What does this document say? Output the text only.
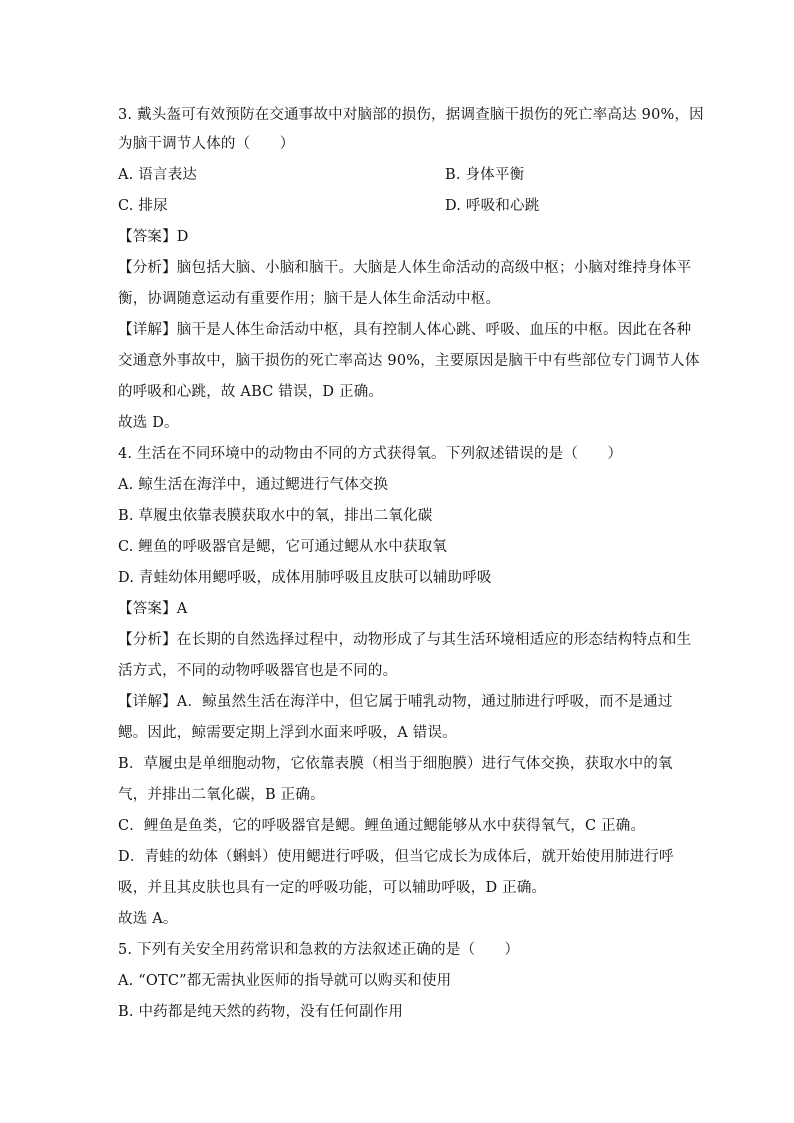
3. 戴头盔可有效预防在交通事故中对脑部的损伤，据调查脑干损伤的死亡率高达 90%，因
为脑干调节人体的（　　）
A. 语言表达	B. 身体平衡
C. 排尿	D. 呼吸和心跳
【答案】D
【分析】脑包括大脑、小脑和脑干。大脑是人体生命活动的高级中枢；小脑对维持身体平
衡，协调随意运动有重要作用；脑干是人体生命活动中枢。
【详解】脑干是人体生命活动中枢，具有控制人体心跳、呼吸、血压的中枢。因此在各种
交通意外事故中，脑干损伤的死亡率高达 90%，主要原因是脑干中有些部位专门调节人体
的呼吸和心跳，故 ABC 错误，D 正确。
故选 D。
4. 生活在不同环境中的动物由不同的方式获得氧。下列叙述错误的是（　　）
A. 鲸生活在海洋中，通过鳃进行气体交换
B. 草履虫依靠表膜获取水中的氧，排出二氧化碳
C. 鲤鱼的呼吸器官是鳃，它可通过鳃从水中获取氧
D. 青蛙幼体用鳃呼吸，成体用肺呼吸且皮肤可以辅助呼吸
【答案】A
【分析】在长期的自然选择过程中，动物形成了与其生活环境相适应的形态结构特点和生
活方式，不同的动物呼吸器官也是不同的。
【详解】A．鲸虽然生活在海洋中，但它属于哺乳动物，通过肺进行呼吸，而不是通过
鳃。因此，鲸需要定期上浮到水面来呼吸，A 错误。
B．草履虫是单细胞动物，它依靠表膜（相当于细胞膜）进行气体交换，获取水中的氧
气，并排出二氧化碳，B 正确。
C．鲤鱼是鱼类，它的呼吸器官是鳃。鲤鱼通过鳃能够从水中获得氧气，C 正确。
D．青蛙的幼体（蝌蚪）使用鳃进行呼吸，但当它成长为成体后，就开始使用肺进行呼
吸，并且其皮肤也具有一定的呼吸功能，可以辅助呼吸，D 正确。
故选 A。
5. 下列有关安全用药常识和急救的方法叙述正确的是（　　）
A. “OTC”都无需执业医师的指导就可以购买和使用
B. 中药都是纯天然的药物，没有任何副作用
